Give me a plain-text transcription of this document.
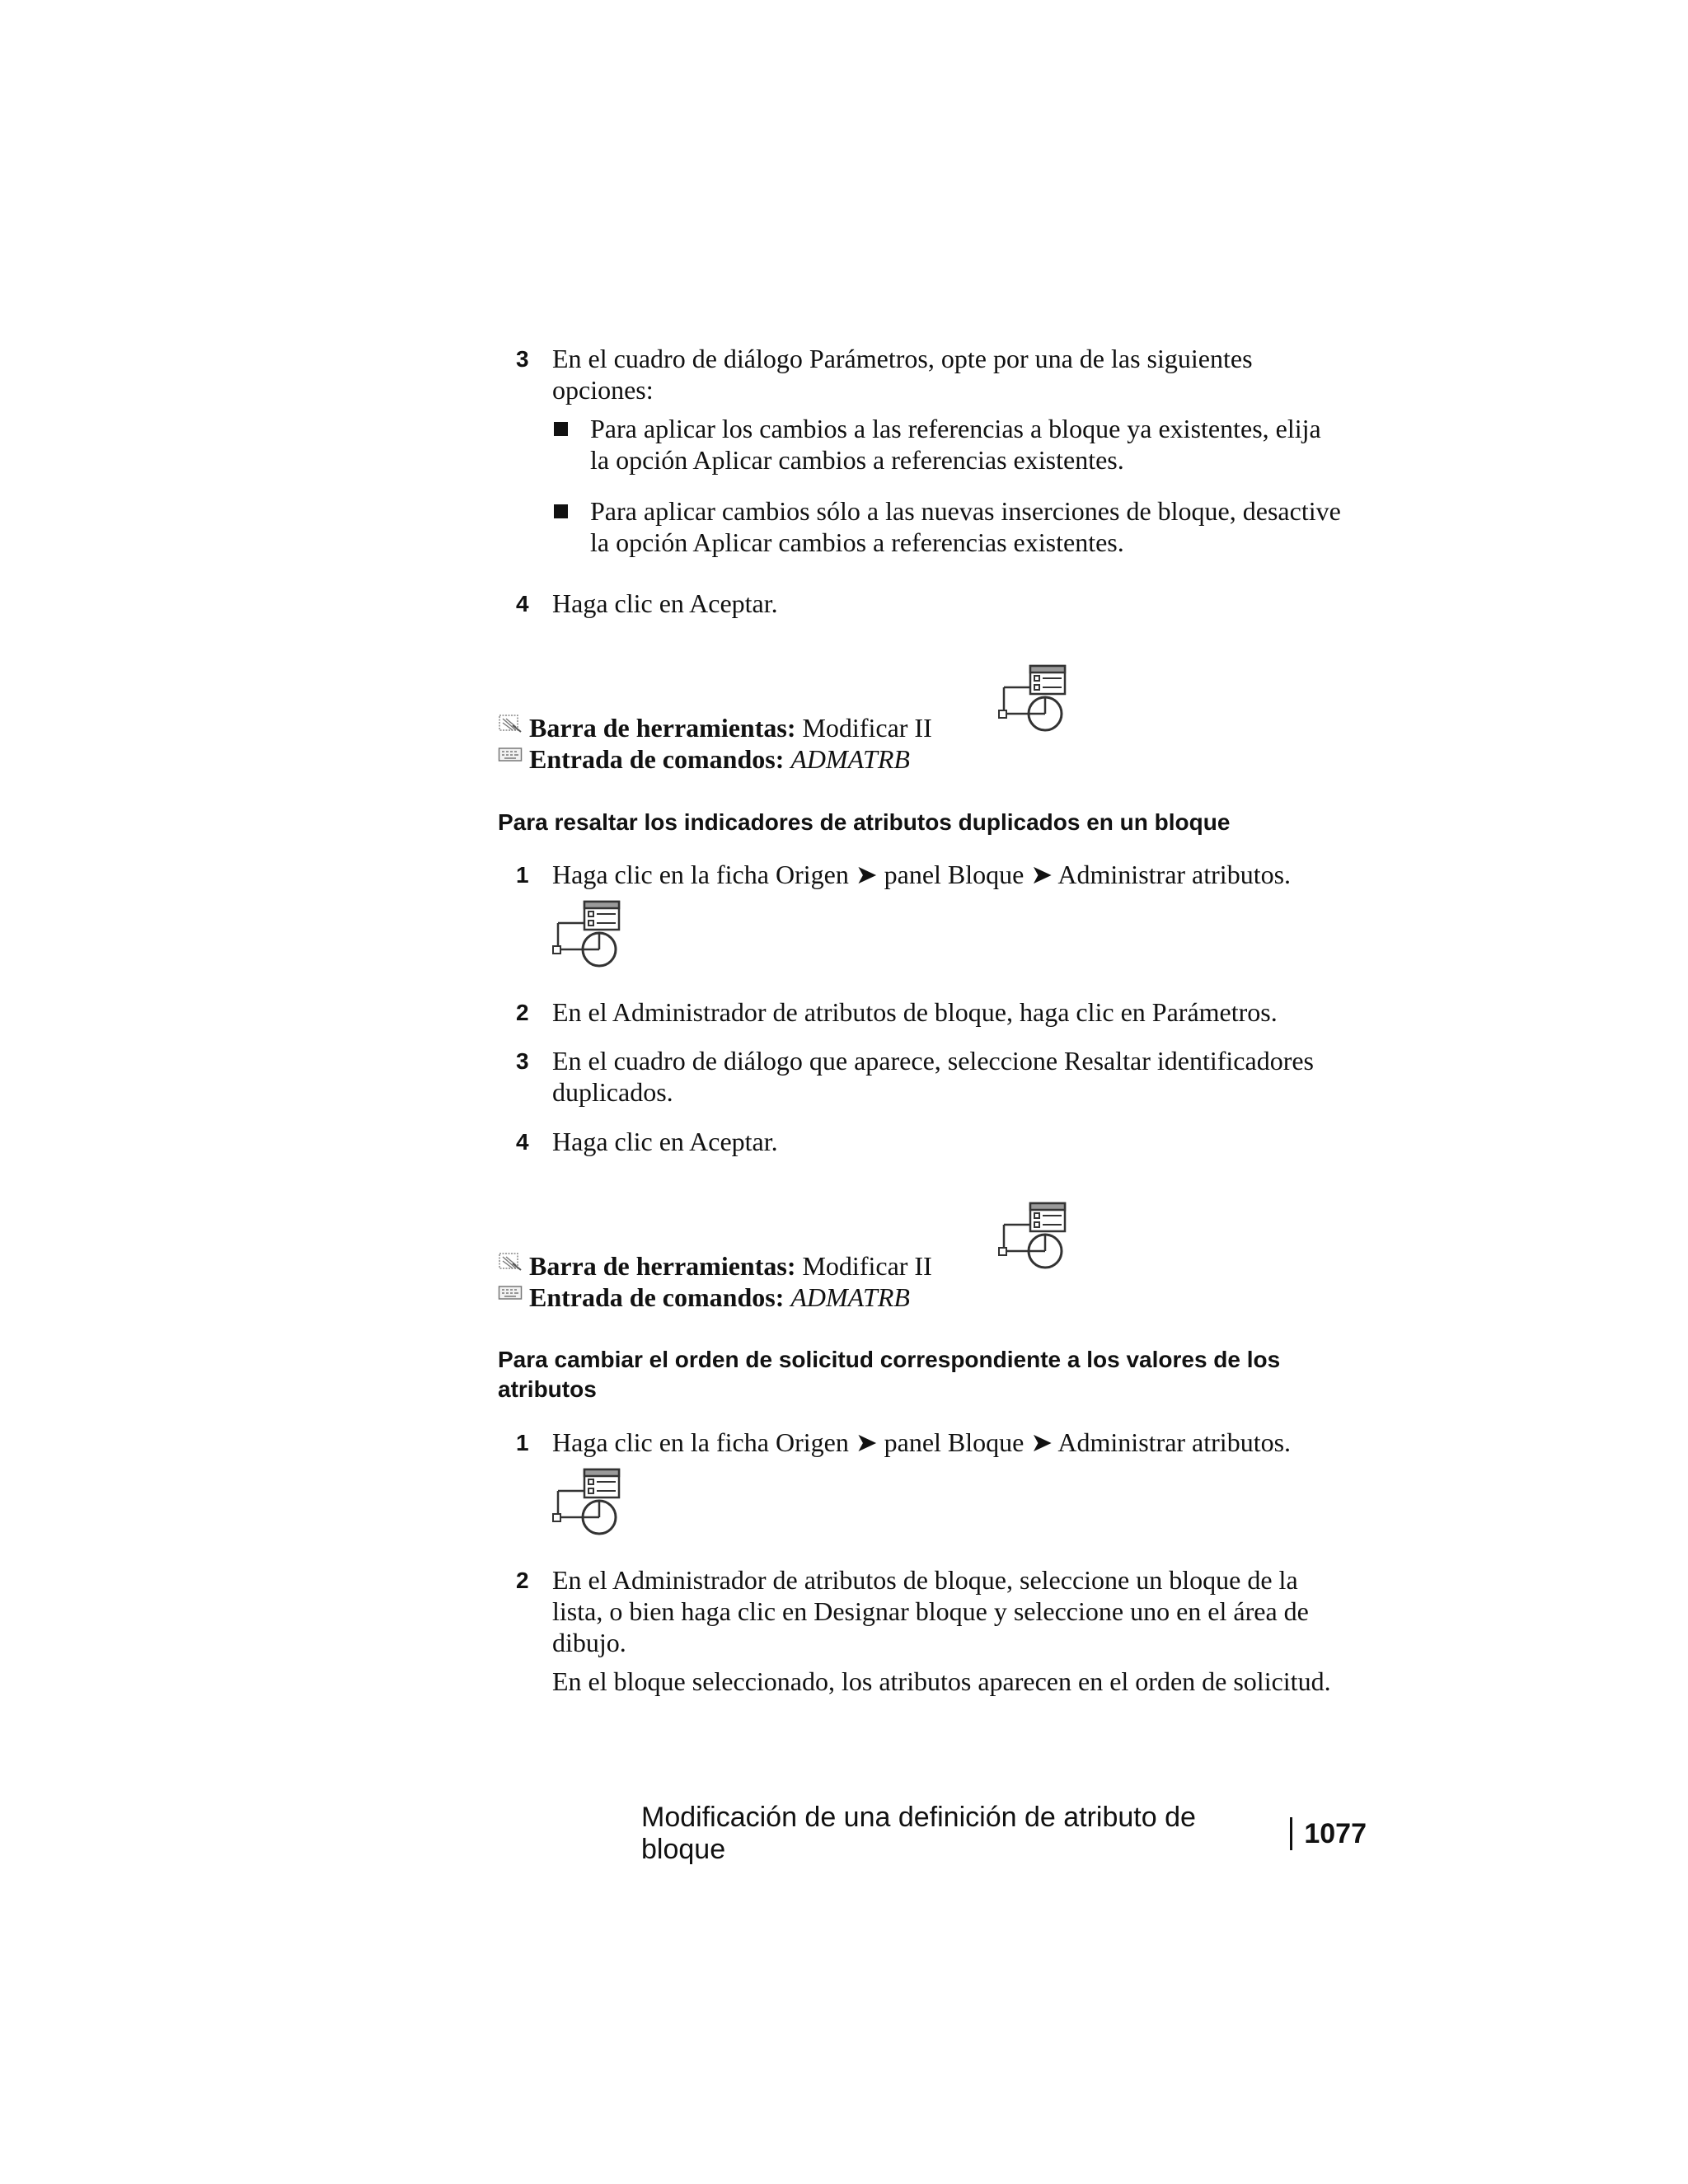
3 En el cuadro de diálogo Parámetros, opte por una de las siguientes
opciones:
Para aplicar los cambios a las referencias a bloque ya existentes, elija
la opción Aplicar cambios a referencias existentes.
Para aplicar cambios sólo a las nuevas inserciones de bloque, desactive
la opción Aplicar cambios a referencias existentes.
4 Haga clic en Aceptar.
Barra de herramientas: Modificar II
Entrada de comandos: ADMATRB
Para resaltar los indicadores de atributos duplicados en un bloque
1 Haga clic en la ficha Origen ➤ panel Bloque ➤ Administrar atributos.
2 En el Administrador de atributos de bloque, haga clic en Parámetros.
3 En el cuadro de diálogo que aparece, seleccione Resaltar identificadores
duplicados.
4 Haga clic en Aceptar.
Barra de herramientas: Modificar II
Entrada de comandos: ADMATRB
Para cambiar el orden de solicitud correspondiente a los valores de los
atributos
1 Haga clic en la ficha Origen ➤ panel Bloque ➤ Administrar atributos.
2 En el Administrador de atributos de bloque, seleccione un bloque de la
lista, o bien haga clic en Designar bloque y seleccione uno en el área de
dibujo.
En el bloque seleccionado, los atributos aparecen en el orden de solicitud.
Modificación de una definición de atributo de bloque
1077
